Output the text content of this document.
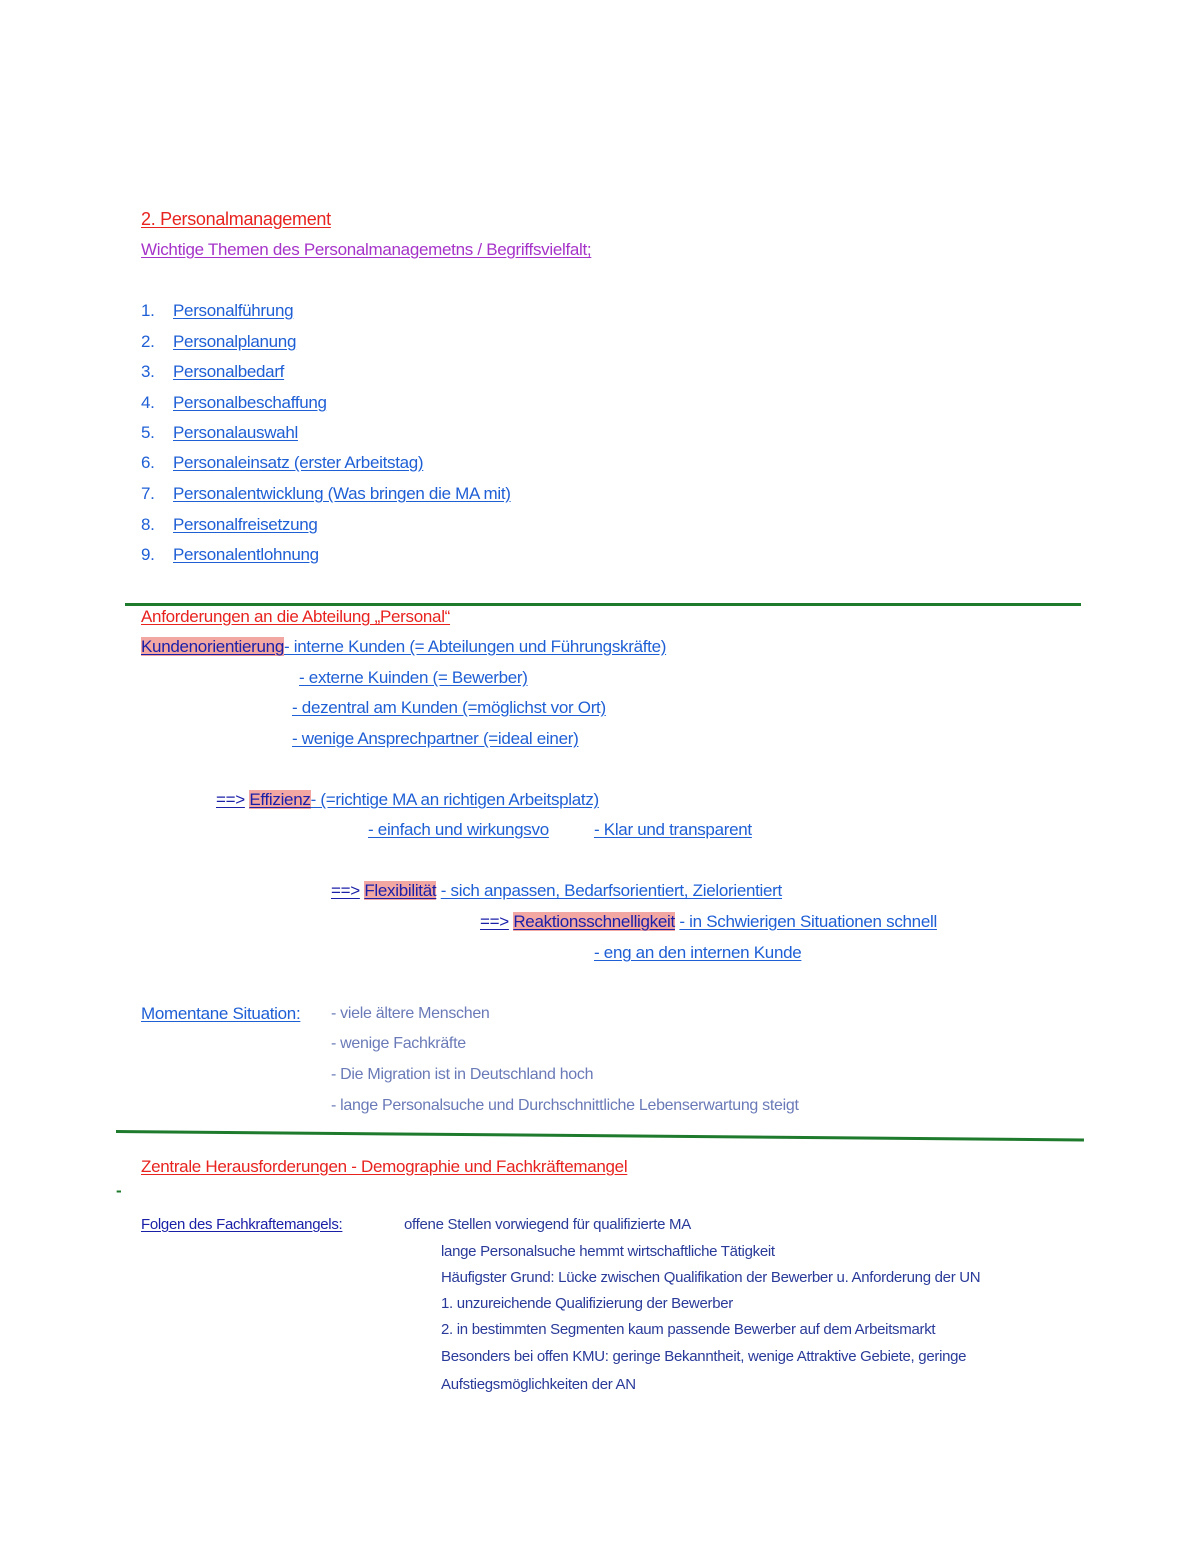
2. Personalmanagement
Wichtige Themen des Personalmanagemetns / Begriffsvielfalt;
1. Personalführung
2. Personalplanung
3. Personalbedarf
4. Personalbeschaffung
5. Personalauswahl
6. Personaleinsatz (erster Arbeitstag)
7. Personalentwicklung (Was bringen die MA mit)
8. Personalfreisetzung
9. Personalentlohnung
Anforderungen an die Abteilung „Personal“
Kundenorientierung- interne Kunden (= Abteilungen und Führungskräfte)
- externe Kuinden (= Bewerber)
- dezentral am Kunden (=möglichst vor Ort)
- wenige Ansprechpartner (=ideal einer)
==> Effizienz- (=richtige MA an richtigen Arbeitsplatz)
- einfach und wirkungsvo	- Klar und transparent
==> Flexibilität - sich anpassen, Bedarfsorientiert, Zielorientiert
==> Reaktionsschnelligkeit - in Schwierigen Situationen schnell
- eng an den internen Kunde
Momentane Situation: - viele ältere Menschen
- wenige Fachkräfte
- Die Migration ist in Deutschland hoch
- lange Personalsuche und Durchschnittliche Lebenserwartung steigt
Zentrale Herausforderungen - Demographie und Fachkräftemangel
-
Folgen des Fachkraftemangels:	offene Stellen vorwiegend für qualifizierte MA
lange Personalsuche hemmt wirtschaftliche Tätigkeit
Häufigster Grund: Lücke zwischen Qualifikation der Bewerber u. Anforderung der UN
1. unzureichende Qualifizierung der Bewerber
2. in bestimmten Segmenten kaum passende Bewerber auf dem Arbeitsmarkt
Besonders bei offen KMU: geringe Bekanntheit, wenige Attraktive Gebiete, geringe
Aufstiegsmöglichkeiten der AN
